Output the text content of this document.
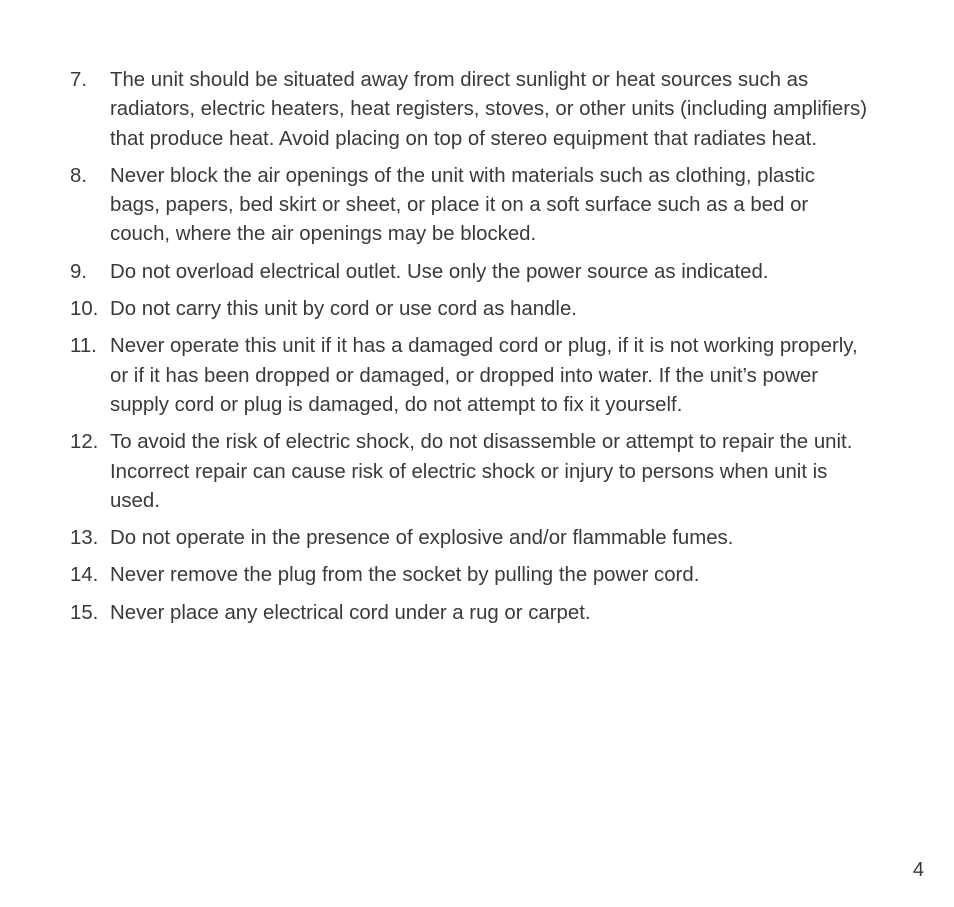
7.	The unit should be situated away from direct sunlight or heat sources such as radiators, electric heaters, heat registers, stoves, or other units (including amplifiers) that produce heat. Avoid placing on top of stereo equipment that radiates heat.
8.	Never block the air openings of the unit with materials such as clothing, plastic bags, papers, bed skirt or sheet, or place it on a soft surface such as a bed or couch, where the air openings may be blocked.
9.	Do not overload electrical outlet. Use only the power source as indicated.
10. Do not carry this unit by cord or use cord as handle.
11. Never operate this unit if it has a damaged cord or plug, if it is not working properly, or if it has been dropped or damaged, or dropped into water. If the unit’s power supply cord or plug is damaged, do not attempt to fix it yourself.
12. To avoid the risk of electric shock, do not disassemble or attempt to repair the unit. Incorrect repair can cause risk of electric shock or injury to persons when unit is used.
13. Do not operate in the presence of explosive and/or flammable fumes.
14. Never remove the plug from the socket by pulling the power cord.
15. Never place any electrical cord under a rug or carpet.
4
